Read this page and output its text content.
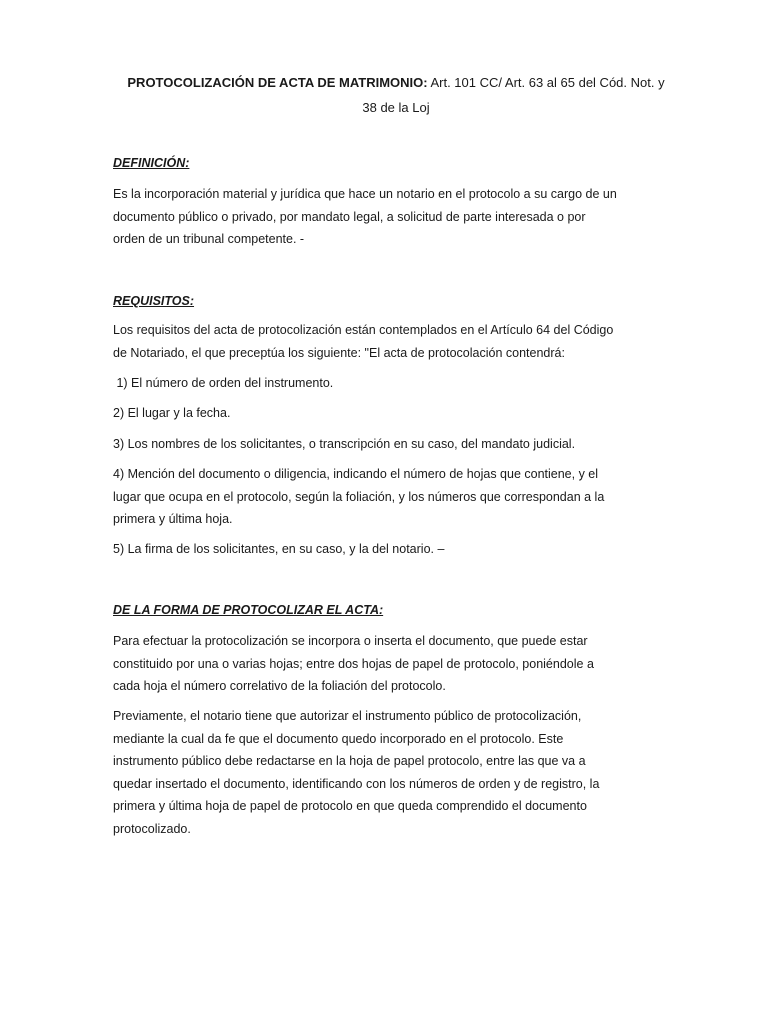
PROTOCOLIZACIÓN DE ACTA DE MATRIMONIO: Art. 101 CC/ Art. 63 al 65 del Cód. Not. y
38 de la Loj
DEFINICIÓN:
Es la incorporación material y jurídica que hace un notario en el protocolo a su cargo de un
documento público o privado, por mandato legal, a solicitud de parte interesada o por
orden de un tribunal competente. -
REQUISITOS:
Los requisitos del acta de protocolización están contemplados en el Artículo 64 del Código
de Notariado, el que preceptúa los siguiente: "El acta de protocolación contendrá:
1) El número de orden del instrumento.
2) El lugar y la fecha.
3) Los nombres de los solicitantes, o transcripción en su caso, del mandato judicial.
4) Mención del documento o diligencia, indicando el número de hojas que contiene, y el
lugar que ocupa en el protocolo, según la foliación, y los números que correspondan a la
primera y última hoja.
5) La firma de los solicitantes, en su caso, y la del notario. –
DE LA FORMA DE PROTOCOLIZAR EL ACTA:
Para efectuar la protocolización se incorpora o inserta el documento, que puede estar
constituido por una o varias hojas; entre dos hojas de papel de protocolo, poniéndole a
cada hoja el número correlativo de la foliación del protocolo.
Previamente, el notario tiene que autorizar el instrumento público de protocolización,
mediante la cual da fe que el documento quedo incorporado en el protocolo. Este
instrumento público debe redactarse en la hoja de papel protocolo, entre las que va a
quedar insertado el documento, identificando con los números de orden y de registro, la
primera y última hoja de papel de protocolo en que queda comprendido el documento
protocolizado.
